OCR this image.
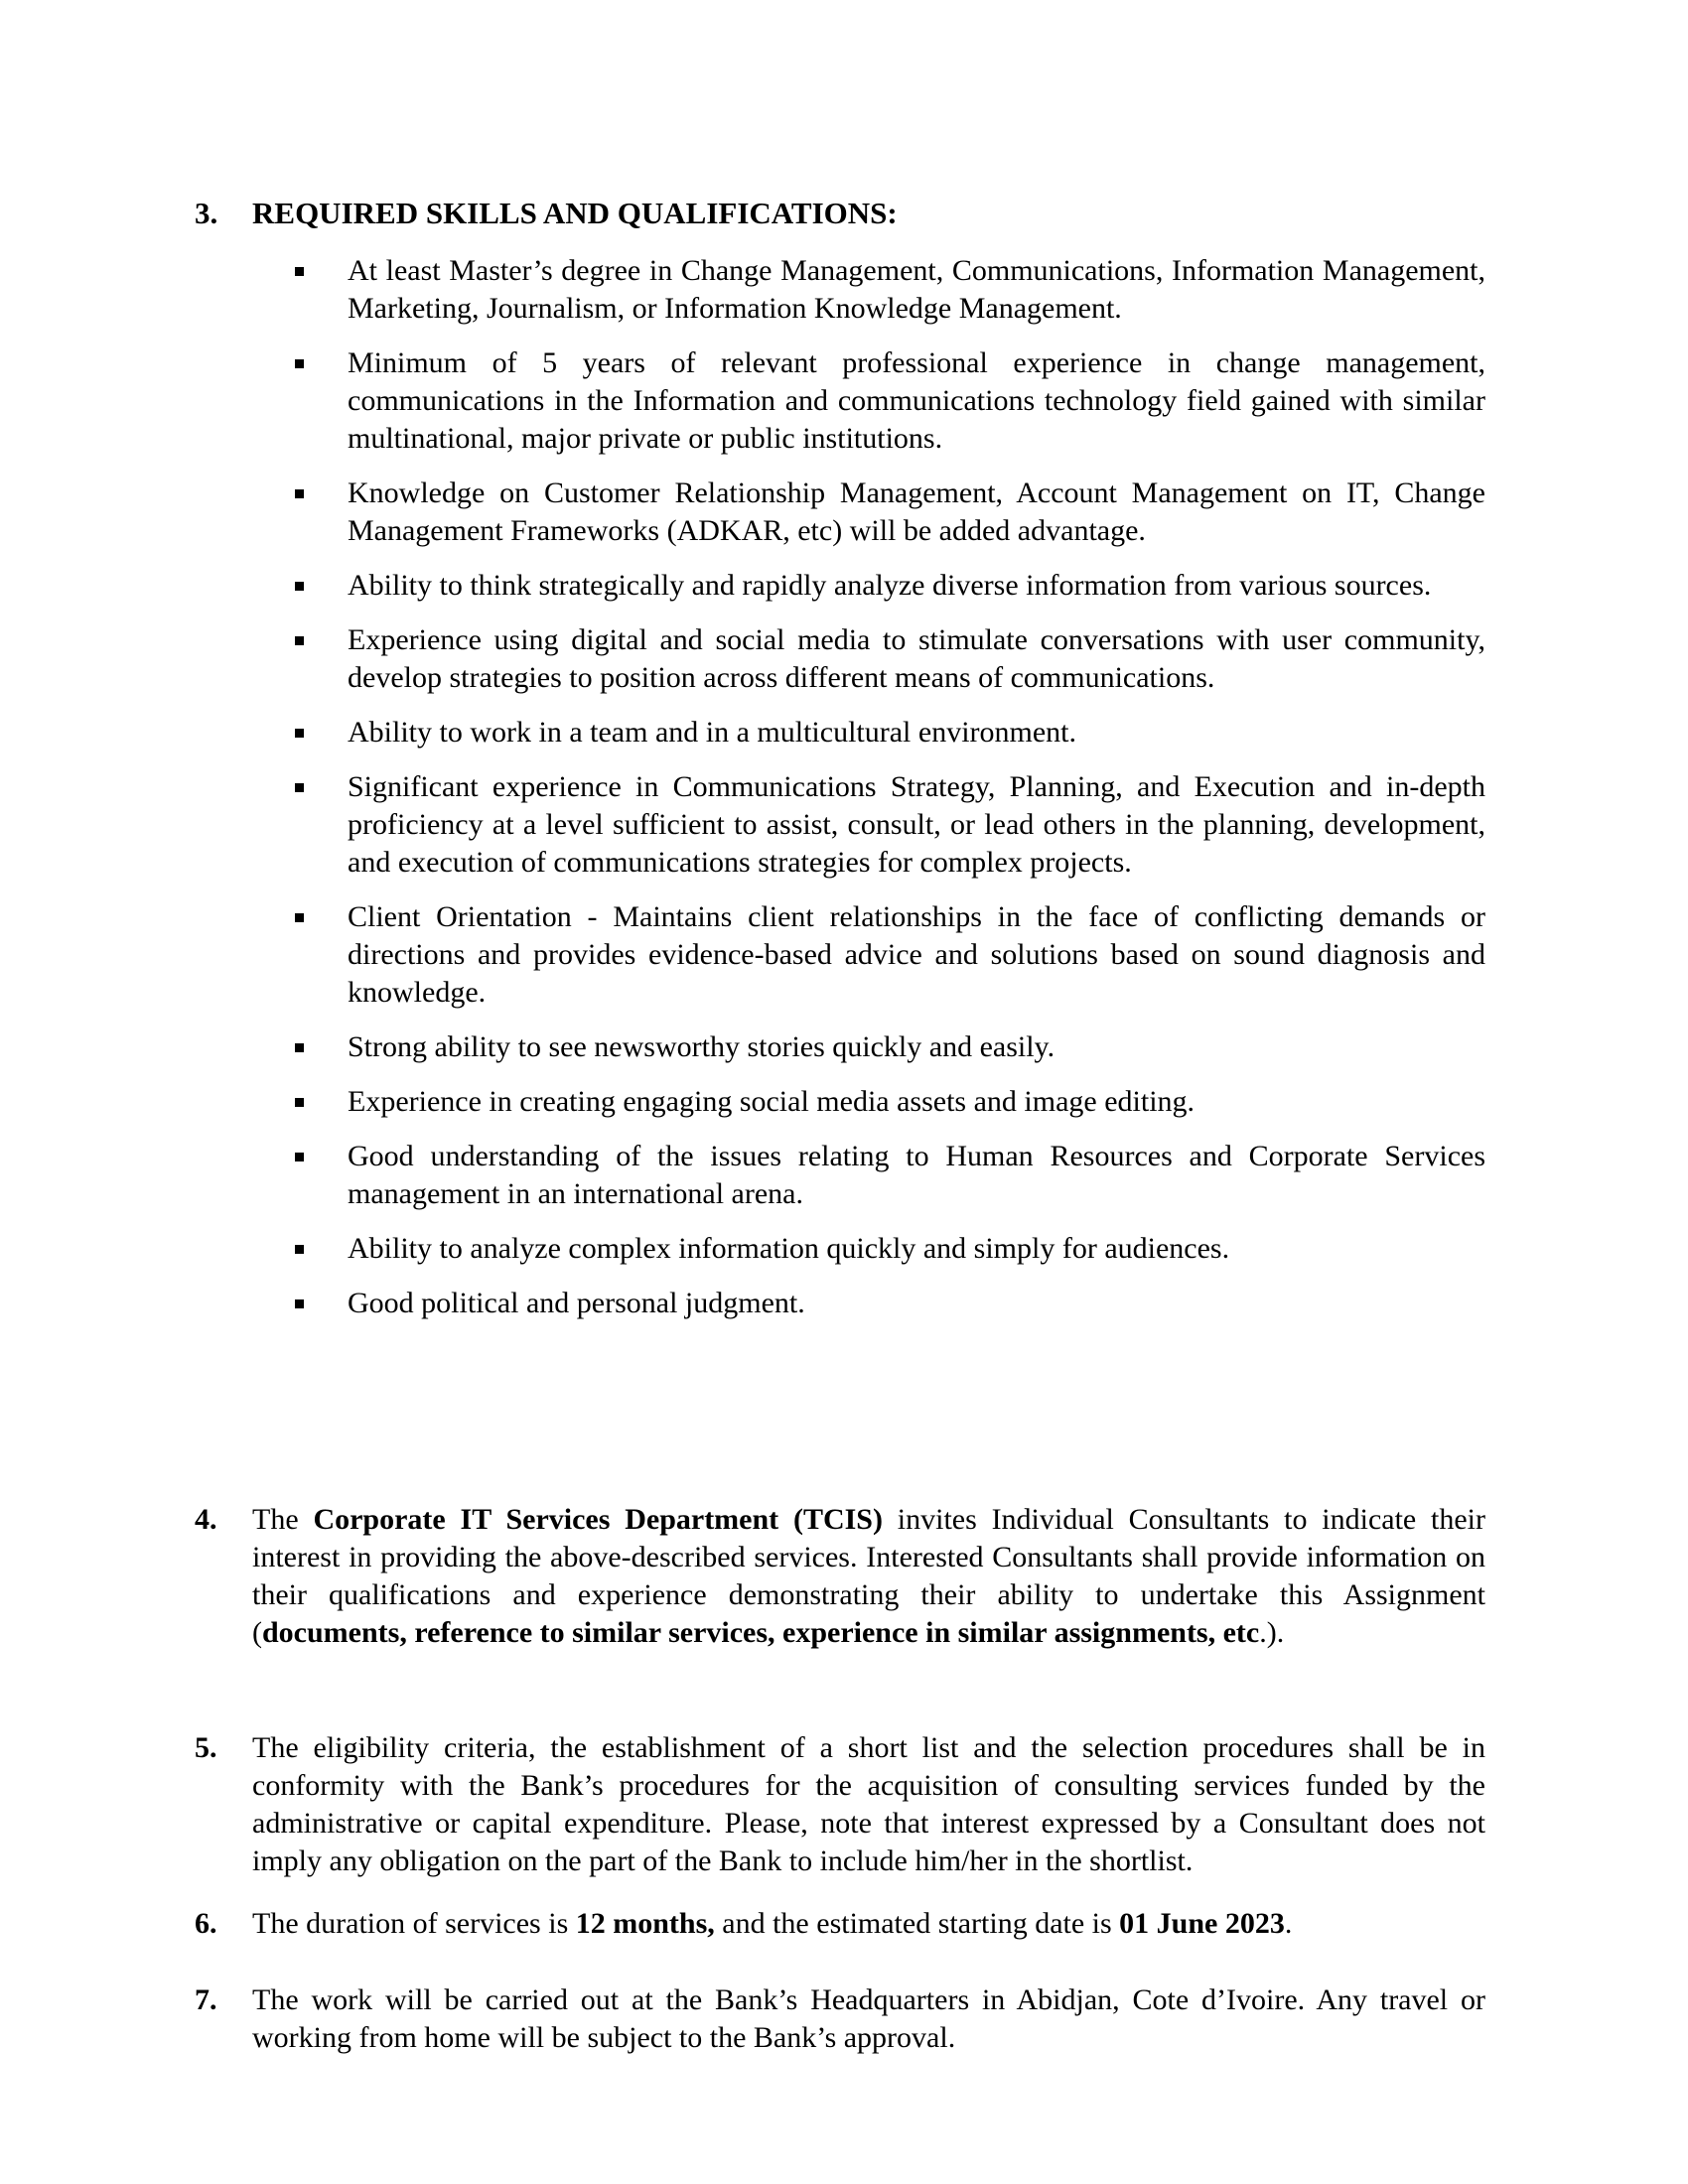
3. REQUIRED SKILLS AND QUALIFICATIONS:
At least Master’s degree in Change Management, Communications, Information Management, Marketing, Journalism, or Information Knowledge Management.
Minimum of 5 years of relevant professional experience in change management, communications in the Information and communications technology field gained with similar multinational, major private or public institutions.
Knowledge on Customer Relationship Management, Account Management on IT, Change Management Frameworks (ADKAR, etc) will be added advantage.
Ability to think strategically and rapidly analyze diverse information from various sources.
Experience using digital and social media to stimulate conversations with user community, develop strategies to position across different means of communications.
Ability to work in a team and in a multicultural environment.
Significant experience in Communications Strategy, Planning, and Execution and in-depth proficiency at a level sufficient to assist, consult, or lead others in the planning, development, and execution of communications strategies for complex projects.
Client Orientation - Maintains client relationships in the face of conflicting demands or directions and provides evidence-based advice and solutions based on sound diagnosis and knowledge.
Strong ability to see newsworthy stories quickly and easily.
Experience in creating engaging social media assets and image editing.
Good understanding of the issues relating to Human Resources and Corporate Services management in an international arena.
Ability to analyze complex information quickly and simply for audiences.
Good political and personal judgment.
4. The Corporate IT Services Department (TCIS) invites Individual Consultants to indicate their interest in providing the above-described services. Interested Consultants shall provide information on their qualifications and experience demonstrating their ability to undertake this Assignment (documents, reference to similar services, experience in similar assignments, etc.).
5. The eligibility criteria, the establishment of a short list and the selection procedures shall be in conformity with the Bank’s procedures for the acquisition of consulting services funded by the administrative or capital expenditure. Please, note that interest expressed by a Consultant does not imply any obligation on the part of the Bank to include him/her in the shortlist.
6. The duration of services is 12 months, and the estimated starting date is 01 June 2023.
7. The work will be carried out at the Bank’s Headquarters in Abidjan, Cote d’Ivoire. Any travel or working from home will be subject to the Bank’s approval.
